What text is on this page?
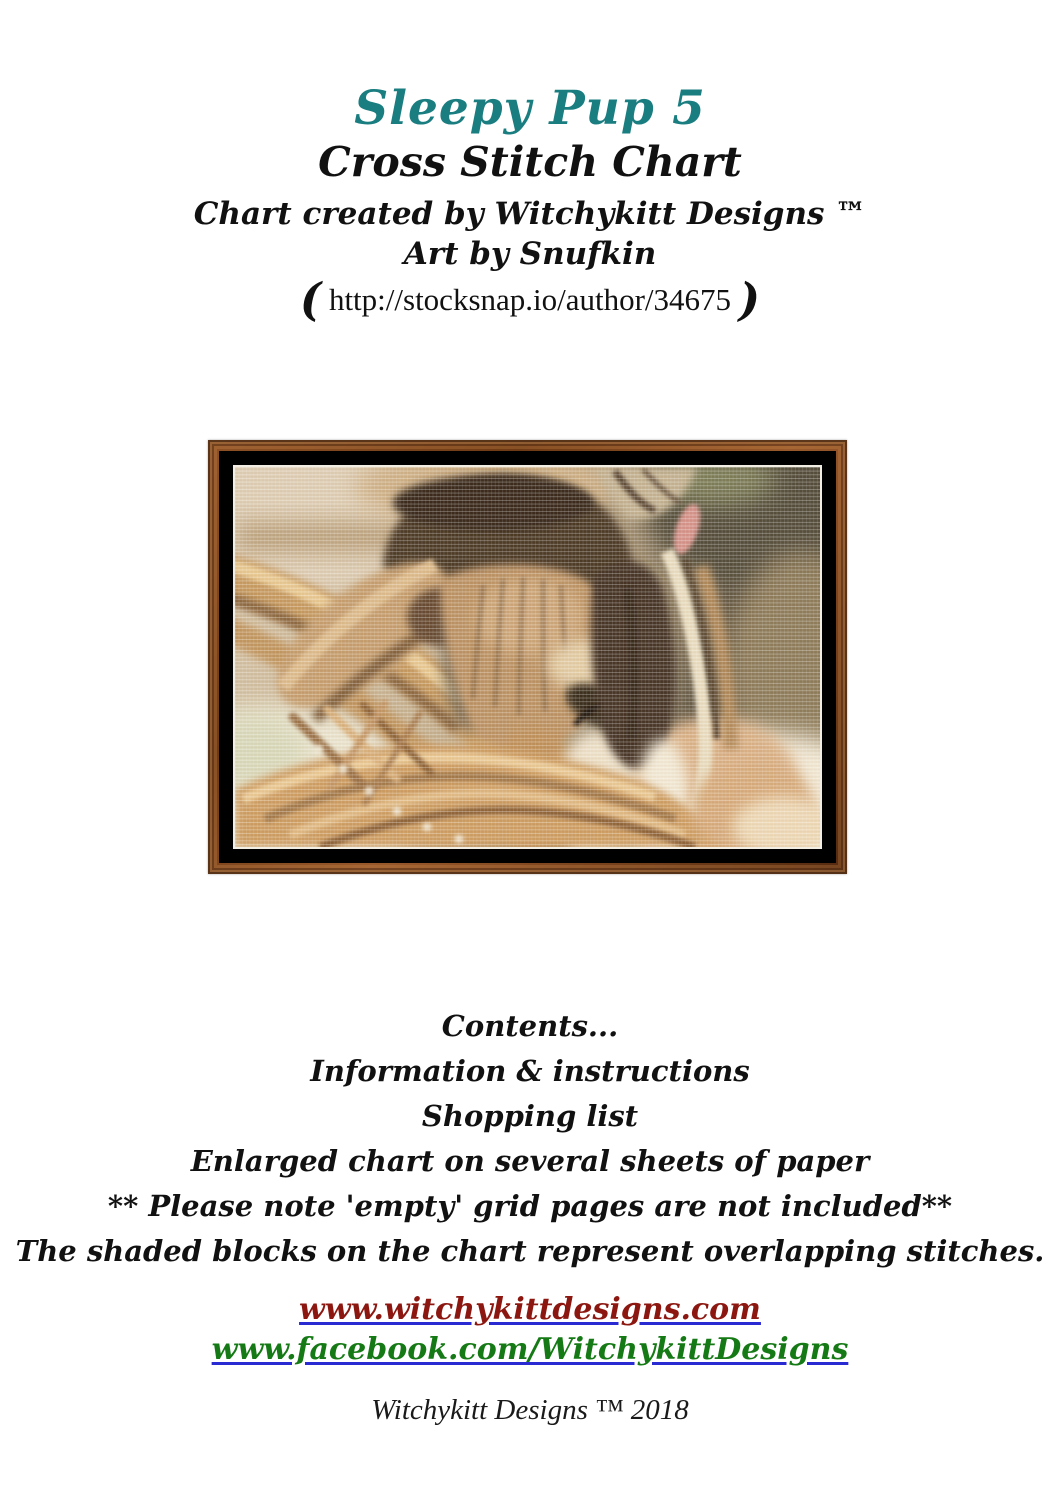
Sleepy Pup 5
Cross Stitch Chart
Chart created by Witchykitt Designs ™
Art by Snufkin
( http://stocksnap.io/author/34675 )
Contents...
Information & instructions
Shopping list
Enlarged chart on several sheets of paper
** Please note 'empty' grid pages are not included**
The shaded blocks on the chart represent overlapping stitches.
www.witchykittdesigns.com
www.facebook.com/WitchykittDesigns
Witchykitt Designs ™ 2018
